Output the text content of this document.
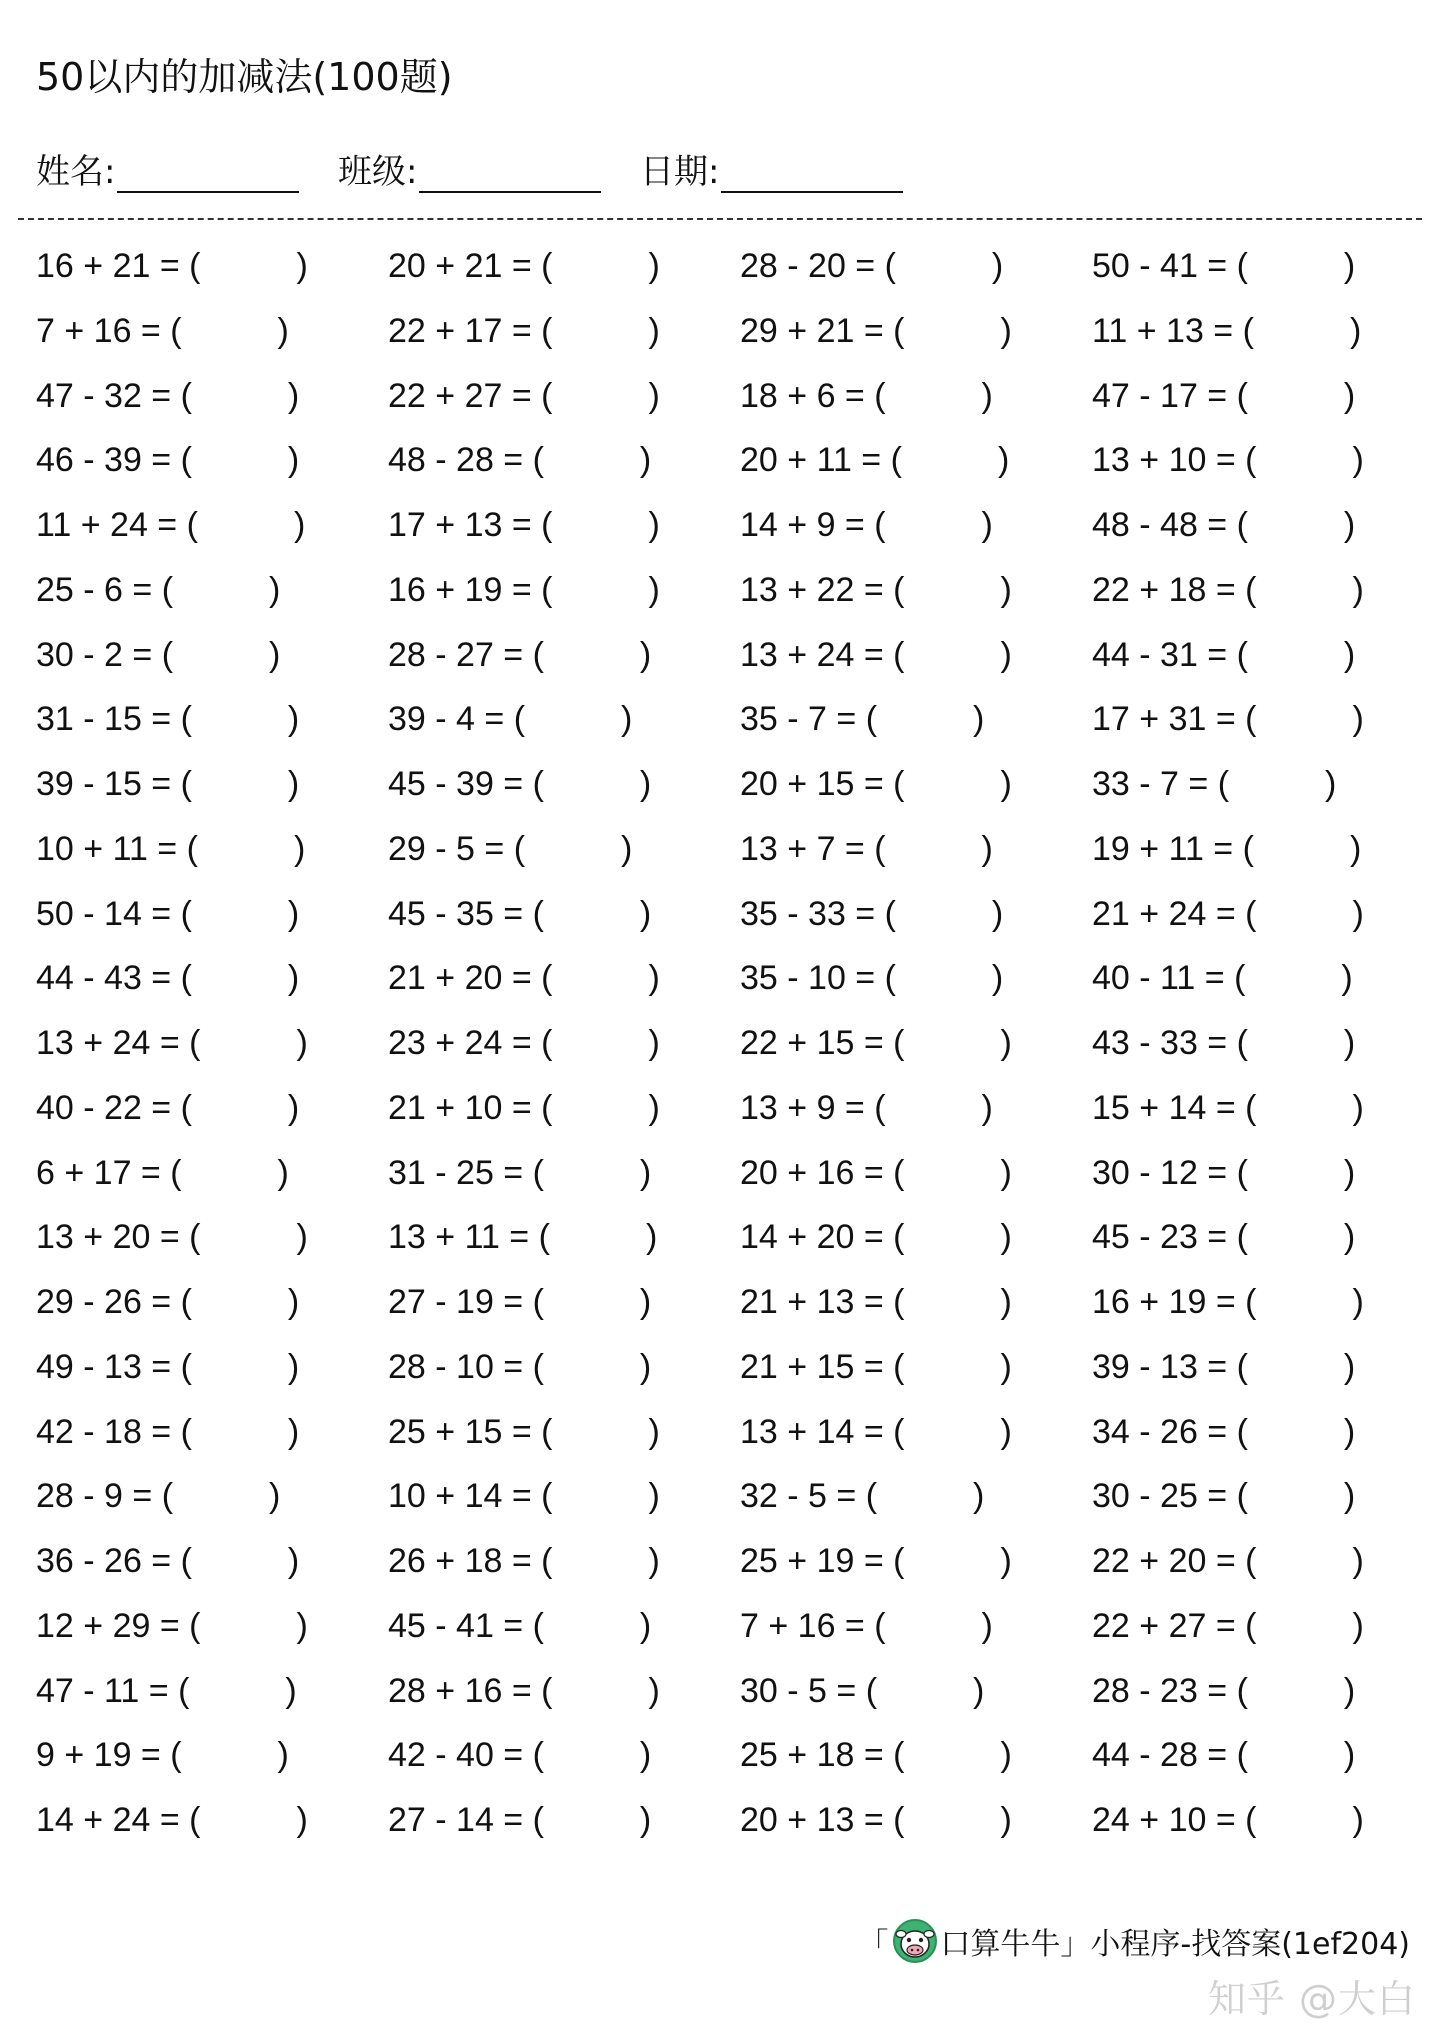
50以内的加减法(100题)
姓名:	班级:	日期:
16 + 21 = (	) 20 + 21 = (	) 28 - 20 = (	)	50 - 41 = (	)
7 + 16 = (	)	22 + 17 = (	) 29 + 21 = (	) 11 + 13 = (	)
47 - 32 = (	)	22 + 27 = (	) 18 + 6 = (	)	47 - 17 = (	)
46 - 39 = (	)	48 - 28 = (	)	20 + 11 = (	) 13 + 10 = (	)
11 + 24 = (	) 17 + 13 = (	) 14 + 9 = (	)	48 - 48 = (	)
25 - 6 = (	)	16 + 19 = (	) 13 + 22 = (	) 22 + 18 = (	)
30 - 2 = (	)	28 - 27 = (	)	13 + 24 = (	) 44 - 31 = (	)
31 - 15 = (	)	39 - 4 = (	)	35 - 7 = (	)	17 + 31 = (	)
39 - 15 = (	)	45 - 39 = (	)	20 + 15 = (	) 33 - 7 = (	)
10 + 11 = (	) 29 - 5 = (	)	13 + 7 = (	)	19 + 11 = (	)
50 - 14 = (	)	45 - 35 = (	)	35 - 33 = (	)	21 + 24 = (	)
44 - 43 = (	)	21 + 20 = (	) 35 - 10 = (	)	40 - 11 = (	)
13 + 24 = (	) 23 + 24 = (	) 22 + 15 = (	) 43 - 33 = (	)
40 - 22 = (	)	21 + 10 = (	) 13 + 9 = (	)	15 + 14 = (	)
6 + 17 = (	)	31 - 25 = (	)	20 + 16 = (	) 30 - 12 = (	)
13 + 20 = (	) 13 + 11 = (	) 14 + 20 = (	) 45 - 23 = (	)
29 - 26 = (	)	27 - 19 = (	)	21 + 13 = (	) 16 + 19 = (	)
49 - 13 = (	)	28 - 10 = (	)	21 + 15 = (	) 39 - 13 = (	)
42 - 18 = (	)	25 + 15 = (	) 13 + 14 = (	) 34 - 26 = (	)
28 - 9 = (	)	10 + 14 = (	) 32 - 5 = (	)	30 - 25 = (	)
36 - 26 = (	)	26 + 18 = (	) 25 + 19 = (	) 22 + 20 = (	)
12 + 29 = (	) 45 - 41 = (	)	7 + 16 = (	)	22 + 27 = (	)
47 - 11 = (	)	28 + 16 = (	) 30 - 5 = (	)	28 - 23 = (	)
9 + 19 = (	)	42 - 40 = (	)	25 + 18 = (	) 44 - 28 = (	)
14 + 24 = (	) 27 - 14 = (	)	20 + 13 = (	) 24 + 10 = (	)
「 口算牛牛」小程序-找答案(1ef204)
知乎 @大白
